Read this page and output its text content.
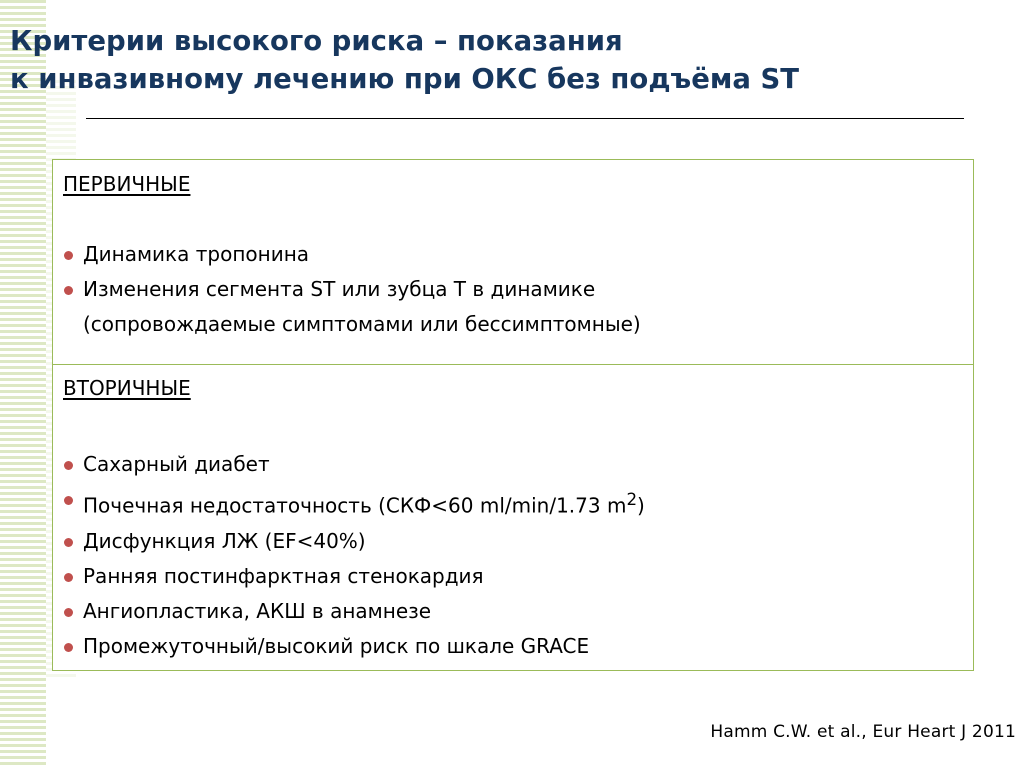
Критерии высокого риска – показания
к инвазивному лечению при ОКС без подъёма ST
ПЕРВИЧНЫЕ
Динамика тропонина
Изменения сегмента ST или зубца T в динамике
(сопровождаемые симптомами или бессимптомные)
ВТОРИЧНЫЕ
Сахарный диабет
Почечная недостаточность (СКФ<60 ml/min/1.73 $m^2$)
Дисфункция ЛЖ (EF<40%)
Ранняя постинфарктная стенокардия
Ангиопластика, АКШ в анамнезе
Промежуточный/высокий риск по шкале GRACE
Hamm C.W. et al., Eur Heart J 2011
